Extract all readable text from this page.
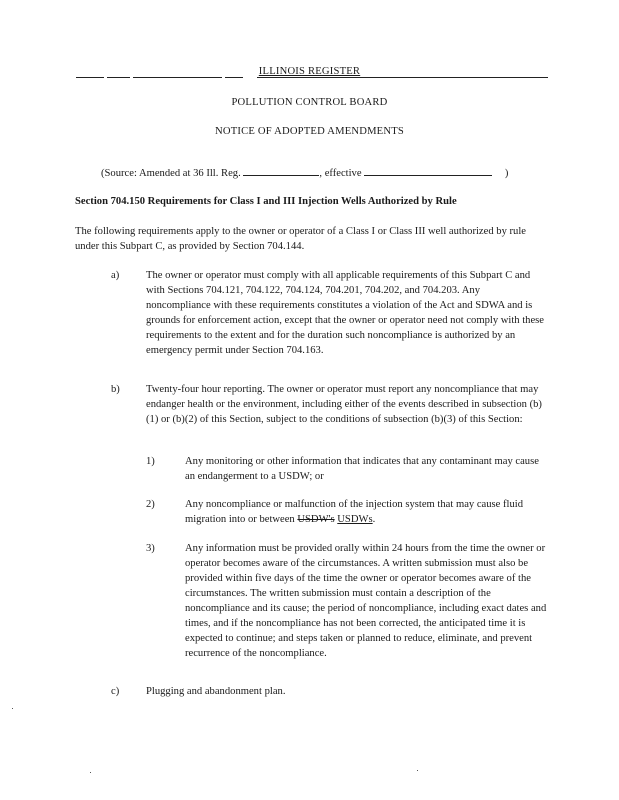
ILLINOIS REGISTER
POLLUTION CONTROL BOARD
NOTICE OF ADOPTED AMENDMENTS
(Source: Amended at 36 Ill. Reg.	, effective	)
Section 704.150 Requirements for Class I and III Injection Wells Authorized by Rule
The following requirements apply to the owner or operator of a Class I or Class III well authorized by rule under this Subpart C, as provided by Section 704.144.
a)	The owner or operator must comply with all applicable requirements of this Subpart C and with Sections 704.121, 704.122, 704.124, 704.201, 704.202, and 704.203. Any noncompliance with these requirements constitutes a violation of the Act and SDWA and is grounds for enforcement action, except that the owner or operator need not comply with these requirements to the extent and for the duration such noncompliance is authorized by an emergency permit under Section 704.163.
b) Twenty-four hour reporting. The owner or operator must report any noncompliance that may endanger health or the environment, including either of the events described in subsection (b)(1) or (b)(2) of this Section, subject to the conditions of subsection (b)(3) of this Section:
1)	Any monitoring or other information that indicates that any contaminant may cause an endangerment to a USDW; or
2)	Any noncompliance or malfunction of the injection system that may cause fluid migration into or between USDW's USDWs.
3)	Any information must be provided orally within 24 hours from the time the owner or operator becomes aware of the circumstances. A written submission must also be provided within five days of the time the owner or operator becomes aware of the circumstances. The written submission must contain a description of the noncompliance and its cause; the period of noncompliance, including exact dates and times, and if the noncompliance has not been corrected, the anticipated time it is expected to continue; and steps taken or planned to reduce, eliminate, and prevent recurrence of the noncompliance.
c)	Plugging and abandonment plan.
